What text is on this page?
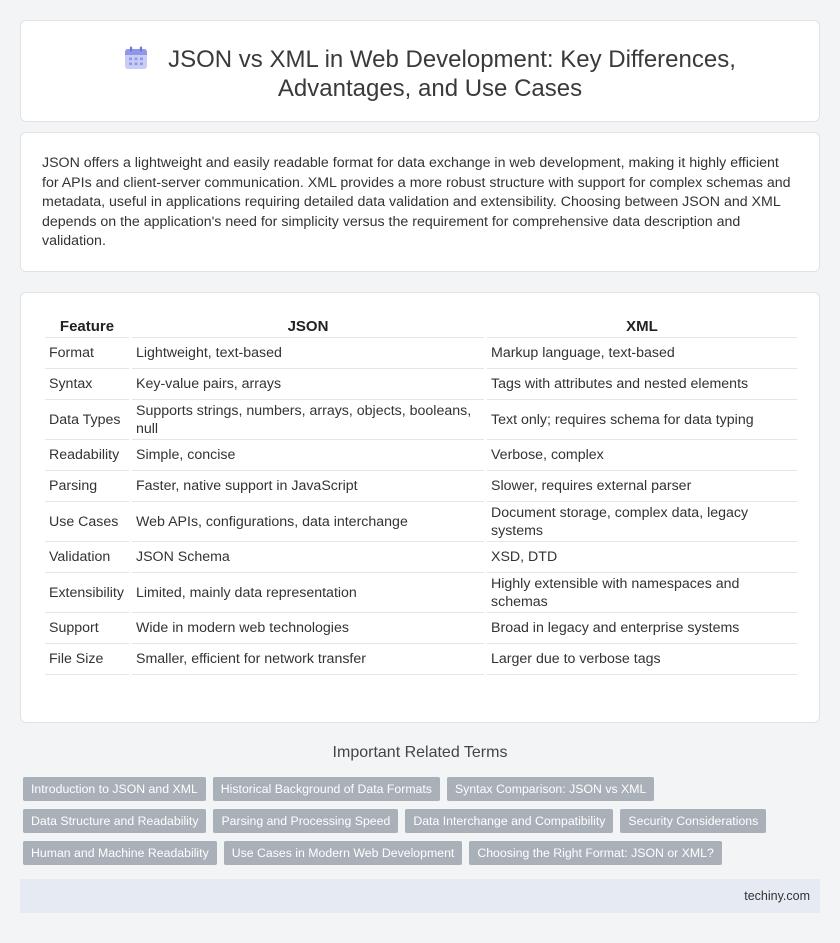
JSON vs XML in Web Development: Key Differences, Advantages, and Use Cases

JSON offers a lightweight and easily readable format for data exchange in web development, making it highly efficient for APIs and client-server communication. XML provides a more robust structure with support for complex schemas and metadata, useful in applications requiring detailed data validation and extensibility. Choosing between JSON and XML depends on the application's need for simplicity versus the requirement for comprehensive data description and validation.

Feature	JSON	XML
Format	Lightweight, text-based	Markup language, text-based
Syntax	Key-value pairs, arrays	Tags with attributes and nested elements
Data Types	Supports strings, numbers, arrays, objects, booleans, null	Text only; requires schema for data typing
Readability	Simple, concise	Verbose, complex
Parsing	Faster, native support in JavaScript	Slower, requires external parser
Use Cases	Web APIs, configurations, data interchange	Document storage, complex data, legacy systems
Validation	JSON Schema	XSD, DTD
Extensibility	Limited, mainly data representation	Highly extensible with namespaces and schemas
Support	Wide in modern web technologies	Broad in legacy and enterprise systems
File Size	Smaller, efficient for network transfer	Larger due to verbose tags
Important Related Terms
Introduction to JSON and XML	Historical Background of Data Formats	Syntax Comparison: JSON vs XML
Data Structure and Readability	Parsing and Processing Speed	Data Interchange and Compatibility	Security Considerations
Human and Machine Readability	Use Cases in Modern Web Development	Choosing the Right Format: JSON or XML?
techiny.com
